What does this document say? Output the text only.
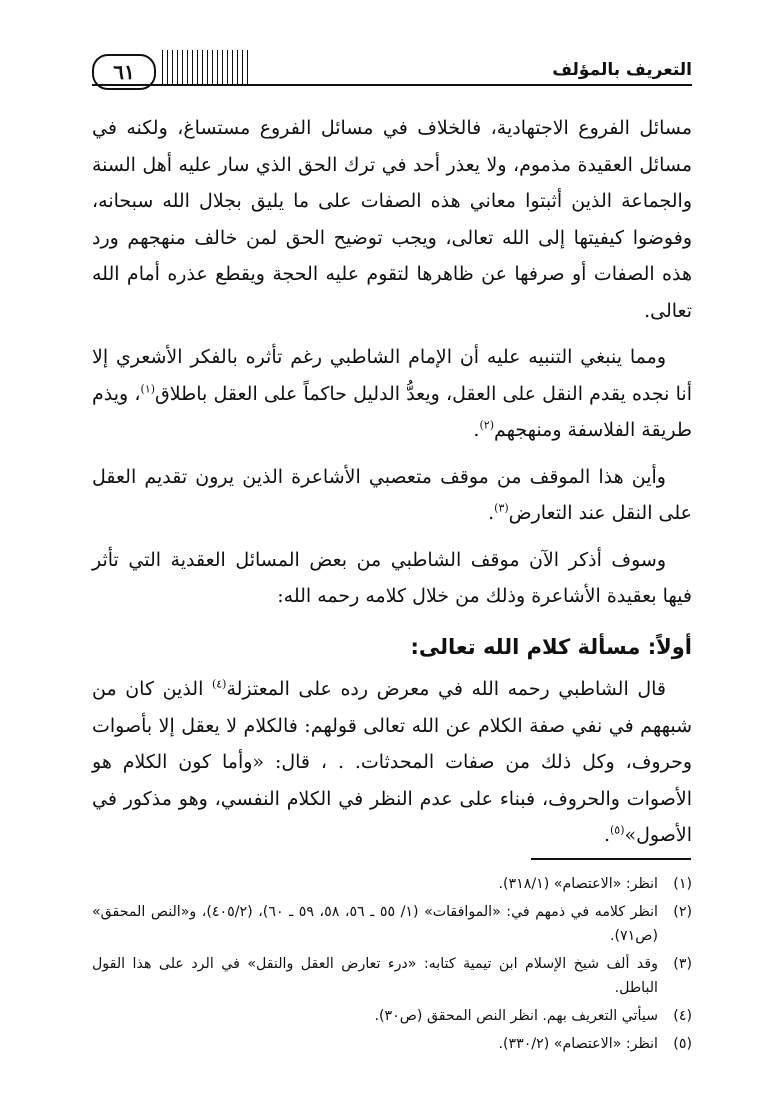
٦١	التعريف بالمؤلف

مسائل الفروع الاجتهادية، فالخلاف في مسائل الفروع مستساغ، ولكنه في مسائل العقيدة مذموم، ولا يعذر أحد في ترك الحق الذي سار عليه أهل السنة والجماعة الذين أثبتوا معاني هذه الصفات على ما يليق بجلال الله سبحانه، وفوضوا كيفيتها إلى الله تعالى، ويجب توضيح الحق لمن خالف منهجهم ورد هذه الصفات أو صرفها عن ظاهرها لتقوم عليه الحجة ويقطع عذره أمام الله تعالى.

ومما ينبغي التنبيه عليه أن الإمام الشاطبي رغم تأثره بالفكر الأشعري إلا أنا نجده يقدم النقل على العقل، ويعدُّ الدليل حاكماً على العقل باطلاق$^{(١)}$، ويذم طريقة الفلاسفة ومنهجهم$^{(٢)}$.

وأين هذا الموقف من موقف متعصبي الأشاعرة الذين يرون تقديم العقل على النقل عند التعارض$^{(٣)}$.

وسوف أذكر الآن موقف الشاطبي من بعض المسائل العقدية التي تأثر فيها بعقيدة الأشاعرة وذلك من خلال كلامه رحمه الله:

أولاً: مسألة كلام الله تعالى:

قال الشاطبي رحمه الله في معرض رده على المعتزلة$^{(٤)}$ الذين كان من شبههم في نفي صفة الكلام عن الله تعالى قولهم: فالكلام لا يعقل إلا بأصوات وحروف، وكل ذلك من صفات المحدثات. . ، قال: «وأما كون الكلام هو الأصوات والحروف، فبناء على عدم النظر في الكلام النفسي، وهو مذكور في الأصول»$^{(٥)}$.

(١)
انظر: «الاعتصام» (٣١٨/١).
(٢)
انظر كلامه في ذمهم في: «الموافقات» (١/ ٥٥ ـ ٥٦، ٥٨، ٥٩ ـ ٦٠)، (٤٠٥/٢)، و«النص المحقق» (ص٧١).
(٣)
وقد ألف شيخ الإسلام ابن تيمية كتابه: «درء تعارض العقل والنقل» في الرد على هذا القول الباطل.
(٤)
سيأتي التعريف بهم. انظر النص المحقق (ص٣٠).
(٥)
انظر: «الاعتصام» (٣٣٠/٢).
